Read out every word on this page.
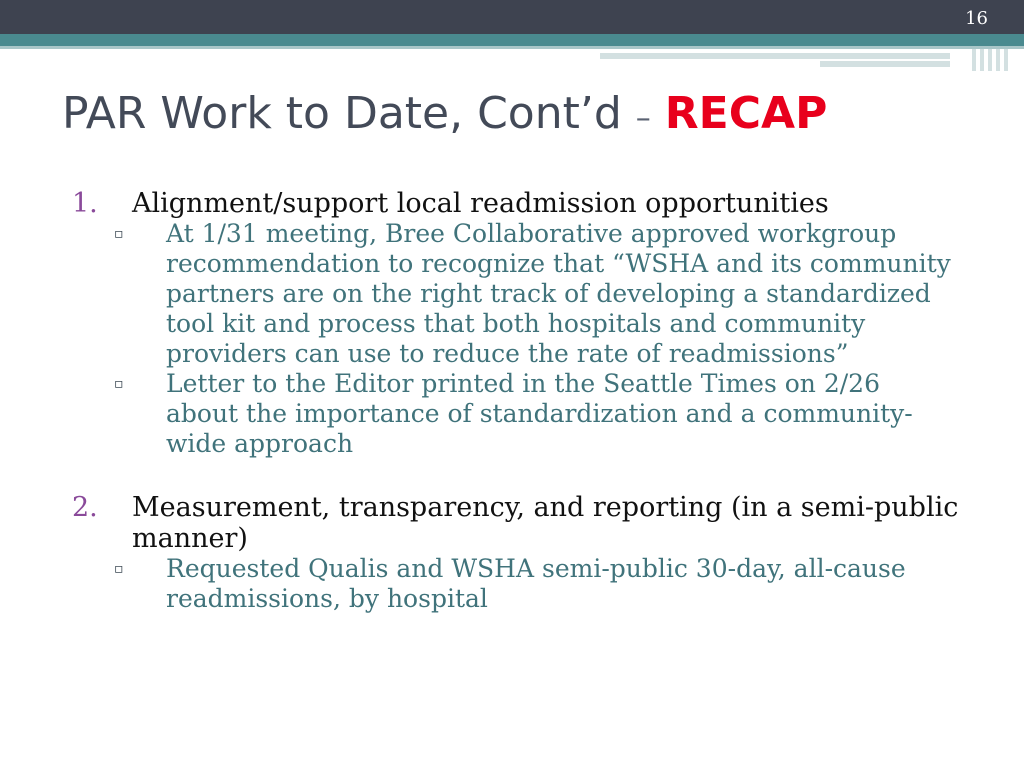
16
PAR Work to Date, Cont’d – RECAP
1.	Alignment/support local readmission opportunities
▫	At 1/31 meeting, Bree Collaborative approved workgroup recommendation to recognize that “WSHA and its community partners are on the right track of developing a standardized tool kit and process that both hospitals and community providers can use to reduce the rate of readmissions”
▫	Letter to the Editor printed in the Seattle Times on 2/26 about the importance of standardization and a community-wide approach
2.	Measurement, transparency, and reporting (in a semi-public manner)
▫	Requested Qualis and WSHA semi-public 30-day, all-cause readmissions, by hospital
